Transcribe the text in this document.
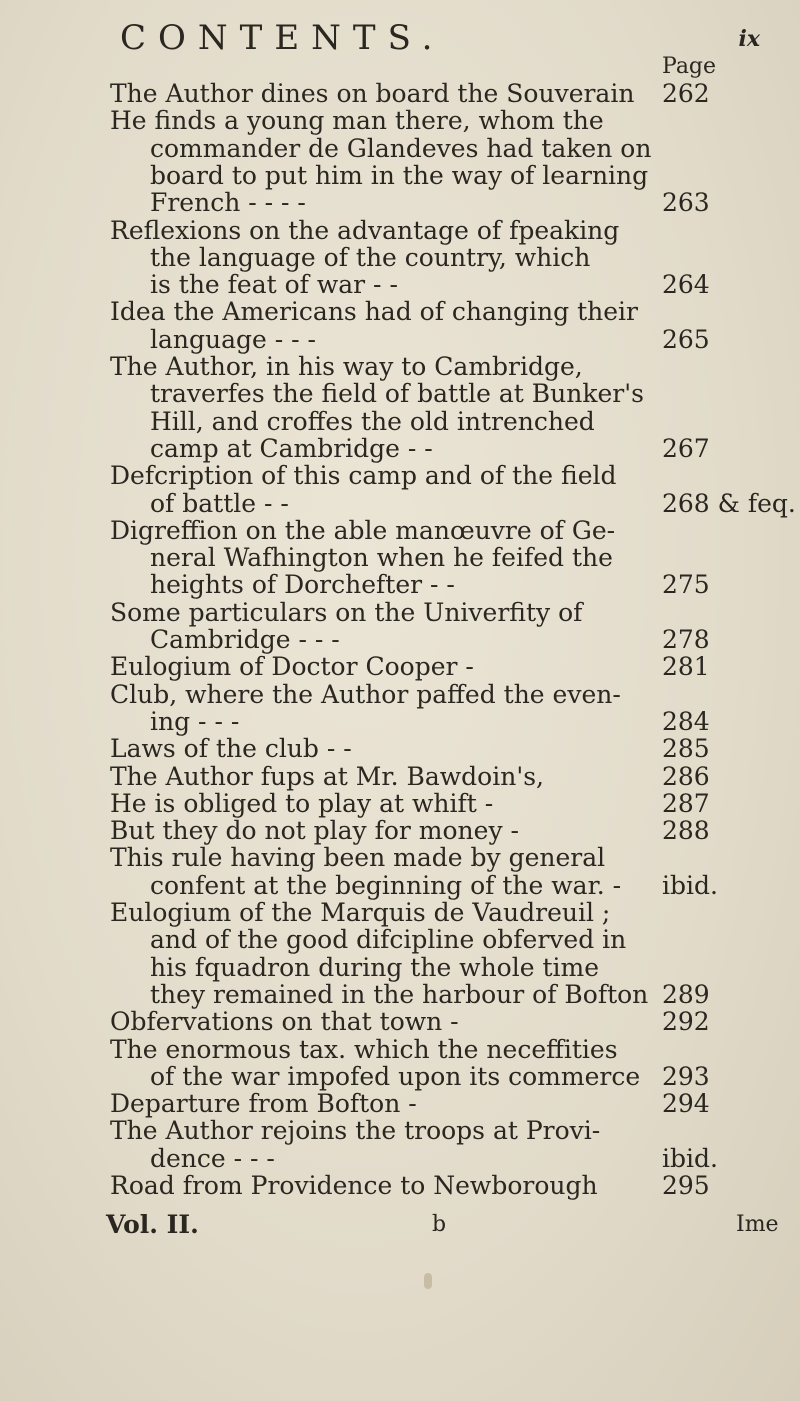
CONTENTS.	ix
Page
The Author dines on board the Souverain 262
He finds a young man there, whom the
commander de Glandeves had taken on
board to put him in the way of learning
French - - - -	263
Reflexions on the advantage of fpeaking
the language of the country, which
is the feat of war - -	264
Idea the Americans had of changing their
language - - -	265
The Author, in his way to Cambridge,
traverfes the field of battle at Bunker's
Hill, and croffes the old intrenched
camp at Cambridge - -	267
Defcription of this camp and of the field
of battle - -	268 & feq.
Digreffion on the able manœuvre of Ge-
neral Wafhington when he feifed the
heights of Dorchefter - -	275
Some particulars on the Univerfity of
Cambridge - - -	278
Eulogium of Doctor Cooper -	281
Club, where the Author paffed the even-
ing - - -	284
Laws of the club - -	285
The Author fups at Mr. Bawdoin's,	286
He is obliged to play at whift -	287
But they do not play for money -	288
This rule having been made by general
confent at the beginning of the war. - ibid.
Eulogium of the Marquis de Vaudreuil ;
and of the good difcipline obferved in
his fquadron during the whole time
they remained in the harbour of Bofton 289
Obfervations on that town -	292
The enormous tax. which the neceffities
of the war impofed upon its commerce 293
Departure from Bofton -	294
The Author rejoins the troops at Provi-
dence - - -	ibid.
Road from Providence to Newborough	295
Vol. II.	b	Ime
